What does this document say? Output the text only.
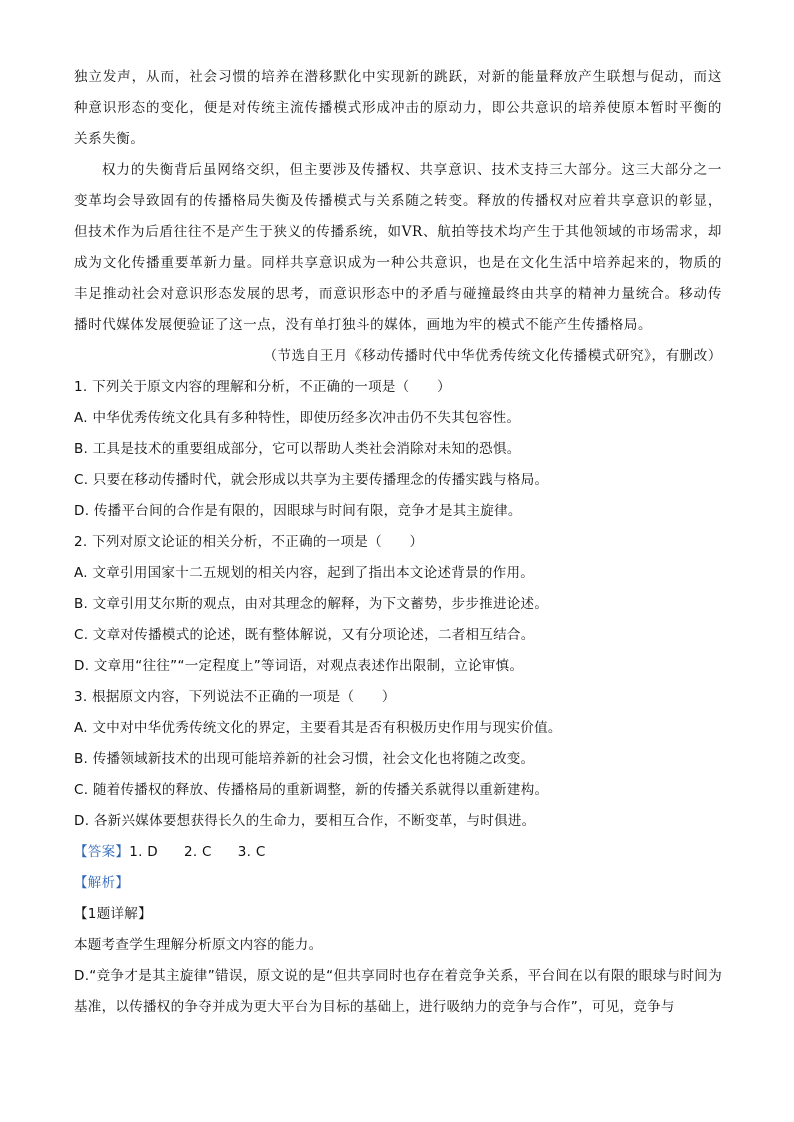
独立发声，从而，社会习惯的培养在潜移默化中实现新的跳跃，对新的能量释放产生联想与促动，而这种意识形态的变化，便是对传统主流传播模式形成冲击的原动力，即公共意识的培养使原本暂时平衡的关系失衡。

权力的失衡背后虽网络交织，但主要涉及传播权、共享意识、技术支持三大部分。这三大部分之一变革均会导致固有的传播格局失衡及传播模式与关系随之转变。释放的传播权对应着共享意识的彰显，但技术作为后盾往往不是产生于狭义的传播系统，如VR、航拍等技术均产生于其他领域的市场需求，却成为文化传播重要革新力量。同样共享意识成为一种公共意识，也是在文化生活中培养起来的，物质的丰足推动社会对意识形态发展的思考，而意识形态中的矛盾与碰撞最终由共享的精神力量统合。移动传播时代媒体发展便验证了这一点，没有单打独斗的媒体，画地为牢的模式不能产生传播格局。

（节选自王月《移动传播时代中华优秀传统文化传播模式研究》，有删改）

1. 下列关于原文内容的理解和分析，不正确的一项是（　　）

A. 中华优秀传统文化具有多种特性，即使历经多次冲击仍不失其包容性。

B. 工具是技术的重要组成部分，它可以帮助人类社会消除对未知的恐惧。

C. 只要在移动传播时代，就会形成以共享为主要传播理念的传播实践与格局。

D. 传播平台间的合作是有限的，因眼球与时间有限，竞争才是其主旋律。

2. 下列对原文论证的相关分析，不正确的一项是（　　）

A. 文章引用国家十二五规划的相关内容，起到了指出本文论述背景的作用。

B. 文章引用艾尔斯的观点，由对其理念的解释，为下文蓄势，步步推进论述。

C. 文章对传播模式的论述，既有整体解说，又有分项论述，二者相互结合。

D. 文章用“往往”“一定程度上”等词语，对观点表述作出限制，立论审慎。

3. 根据原文内容，下列说法不正确的一项是（　　）

A. 文中对中华优秀传统文化的界定，主要看其是否有积极历史作用与现实价值。

B. 传播领域新技术的出现可能培养新的社会习惯，社会文化也将随之改变。

C. 随着传播权的释放、传播格局的重新调整，新的传播关系就得以重新建构。

D. 各新兴媒体要想获得长久的生命力，要相互合作，不断变革，与时俱进。

【答案】1. D 2. C 3. C

【解析】

【1题详解】

本题考查学生理解分析原文内容的能力。

D.“竞争才是其主旋律”错误，原文说的是“但共享同时也存在着竞争关系，平台间在以有限的眼球与时间为基准，以传播权的争夺并成为更大平台为目标的基础上，进行吸纳力的竞争与合作”，可见，竞争与
